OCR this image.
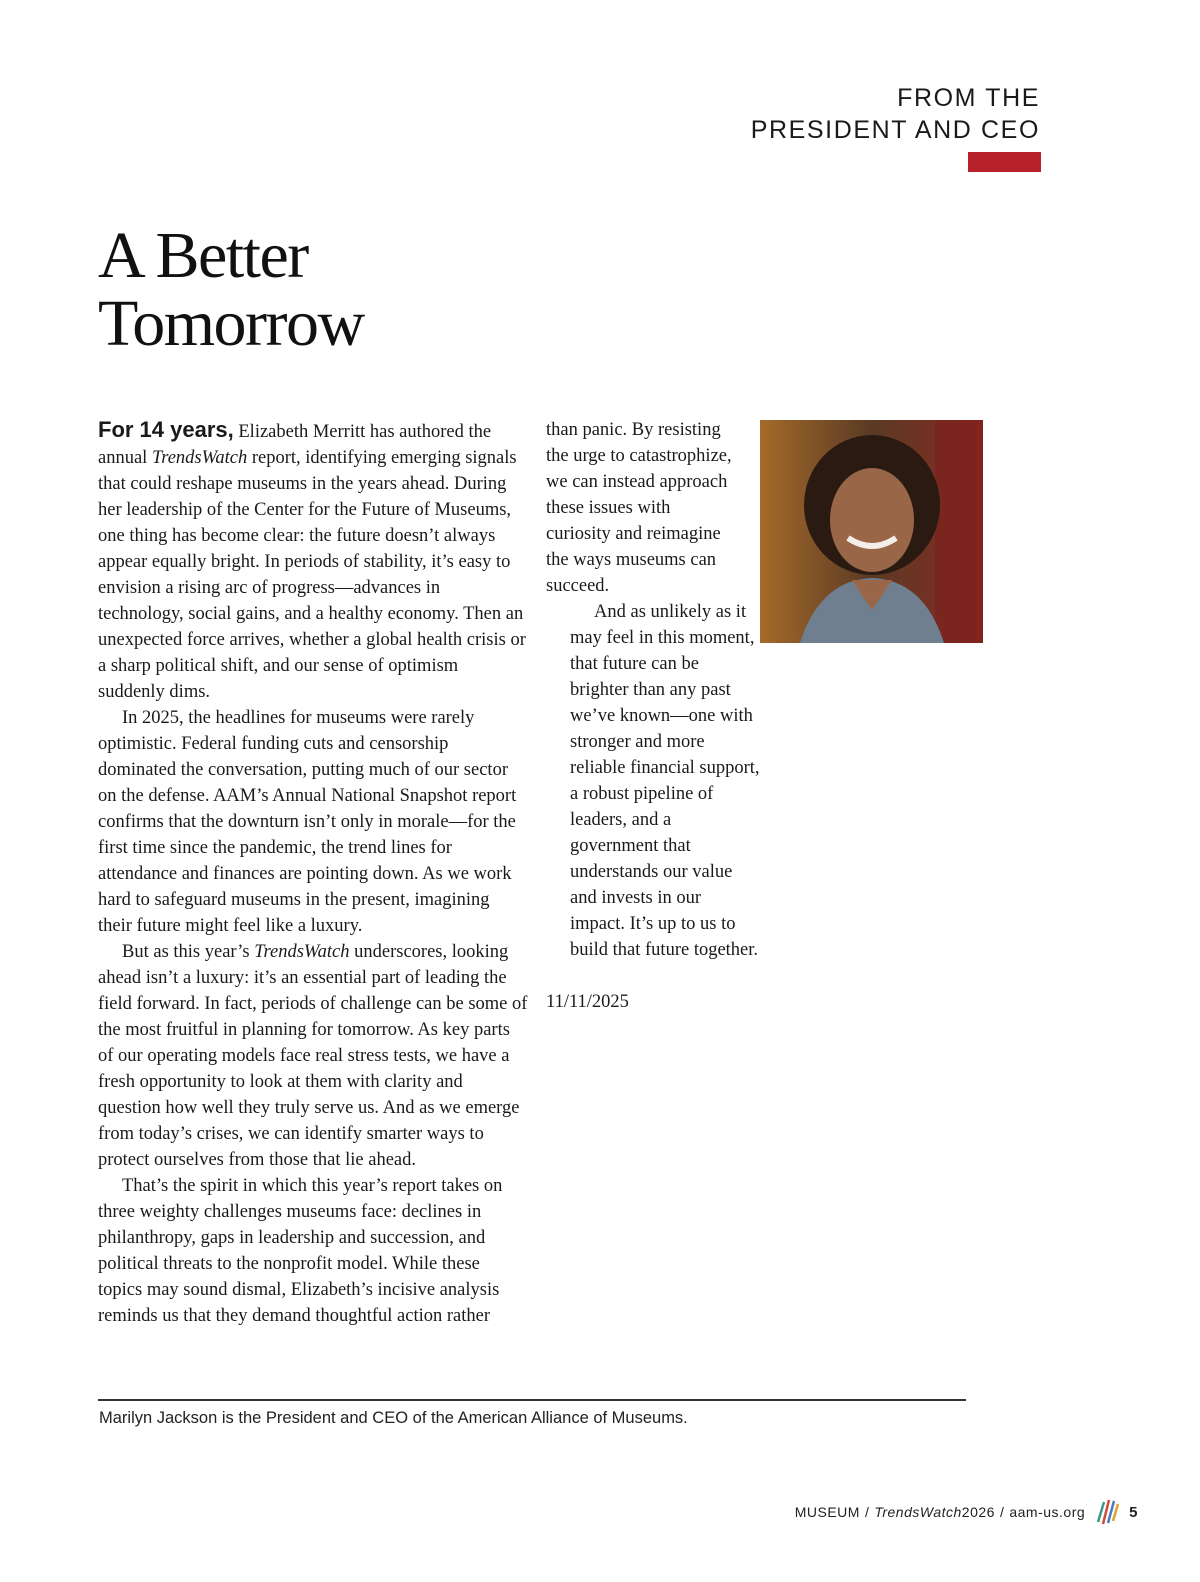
FROM THE
PRESIDENT AND CEO
A Better
Tomorrow

For 14 years, Elizabeth Merritt has authored the annual TrendsWatch report, identifying emerging signals that could reshape museums in the years ahead. During her leadership of the Center for the Future of Museums, one thing has become clear: the future doesn’t always appear equally bright. In periods of stability, it’s easy to envision a rising arc of progress—advances in technology, social gains, and a healthy economy. Then an unexpected force arrives, whether a global health crisis or a sharp political shift, and our sense of optimism suddenly dims.

In 2025, the headlines for museums were rarely optimistic. Federal funding cuts and censorship dominated the conversation, putting much of our sector on the defense. AAM’s Annual National Snapshot report confirms that the downturn isn’t only in morale—for the first time since the pandemic, the trend lines for attendance and finances are pointing down. As we work hard to safeguard museums in the present, imagining their future might feel like a luxury.

But as this year’s TrendsWatch underscores, looking ahead isn’t a luxury: it’s an essential part of leading the field forward. In fact, periods of challenge can be some of the most fruitful in planning for tomorrow. As key parts of our operating models face real stress tests, we have a fresh opportunity to look at them with clarity and question how well they truly serve us. And as we emerge from today’s crises, we can identify smarter ways to protect ourselves from those that lie ahead.

That’s the spirit in which this year’s report takes on three weighty challenges museums face: declines in philanthropy, gaps in leadership and succession, and political threats to the nonprofit model. While these topics may sound dismal, Elizabeth’s incisive analysis reminds us that they demand thoughtful action rather

than panic. By resisting the urge to catastrophize, we can instead approach these issues with curiosity and reimagine the ways museums can succeed.

And as unlikely as it may feel in this moment, that future can be brighter than any past we’ve known—one with stronger and more reliable financial support, a robust pipeline of leaders, and a government that understands our value and invests in our impact. It’s up to us to build that future together.

11/11/2025

Marilyn Jackson is the President and CEO of the American Alliance of Museums.
MUSEUM / TrendsWatch 2026 / aam-us.org	5
